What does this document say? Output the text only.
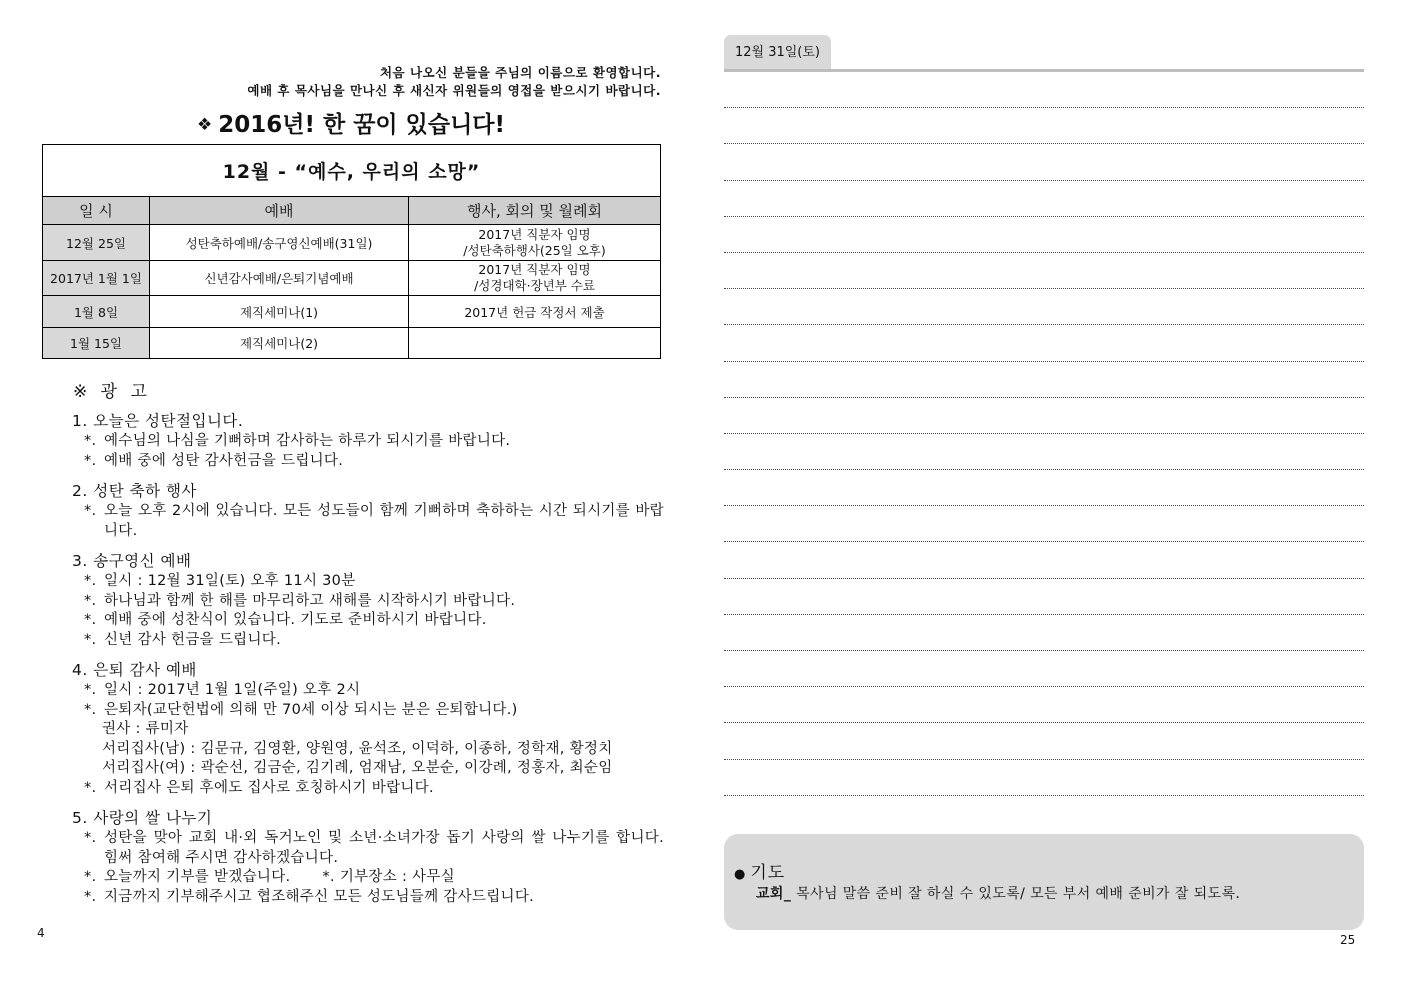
처음 나오신 분들을 주님의 이름으로 환영합니다.
예배 후 목사님을 만나신 후 새신자 위원들의 영접을 받으시기 바랍니다.
❖ 2016년! 한 꿈이 있습니다!
12월 - “예수, 우리의 소망”		
일 시	예배	행사, 회의 및 월례회
12월 25일	성탄축하예배/송구영신예배(31일)	2017년 직분자 임명
/성탄축하행사(25일 오후)

2017년 1월 1일	신년감사예배/은퇴기념예배	2017년 직분자 임명
/성경대학·장년부 수료

1월 8일	제직세미나(1)	2017년 헌금 작정서 제출
1월 15일	제직세미나(2)	
※ 광 고
1. 오늘은 성탄절입니다.
*. 예수님의 나심을 기뻐하며 감사하는 하루가 되시기를 바랍니다.
*. 예배 중에 성탄 감사헌금을 드립니다.
2. 성탄 축하 행사
*. 오늘 오후 2시에 있습니다. 모든 성도들이 함께 기뻐하며 축하하는 시간 되시기를 바랍니다.
3. 송구영신 예배
*. 일시 : 12월 31일(토) 오후 11시 30분
*. 하나님과 함께 한 해를 마무리하고 새해를 시작하시기 바랍니다.
*. 예배 중에 성찬식이 있습니다. 기도로 준비하시기 바랍니다.
*. 신년 감사 헌금을 드립니다.
4. 은퇴 감사 예배
*. 일시 : 2017년 1월 1일(주일) 오후 2시
*. 은퇴자(교단헌법에 의해 만 70세 이상 되시는 분은 은퇴합니다.)
권사 : 류미자
서리집사(남) : 김문규, 김영환, 양원영, 윤석조, 이덕하, 이종하, 정학재, 황정치
서리집사(여) : 곽순선, 김금순, 김기례, 엄재남, 오분순, 이강례, 정홍자, 최순임
*. 서리집사 은퇴 후에도 집사로 호칭하시기 바랍니다.
5. 사랑의 쌀 나누기
*. 성탄을 맞아 교회 내·외 독거노인 및 소년·소녀가장 돕기 사랑의 쌀 나누기를 합니다. 힘써 참여해 주시면 감사하겠습니다.
*. 오늘까지 기부를 받겠습니다. *. 기부장소 : 사무실
*. 지금까지 기부해주시고 협조해주신 모든 성도님들께 감사드립니다.
4
12월 31일(토)
● 기도
교회_ 목사님 말씀 준비 잘 하실 수 있도록/ 모든 부서 예배 준비가 잘 되도록.
25
